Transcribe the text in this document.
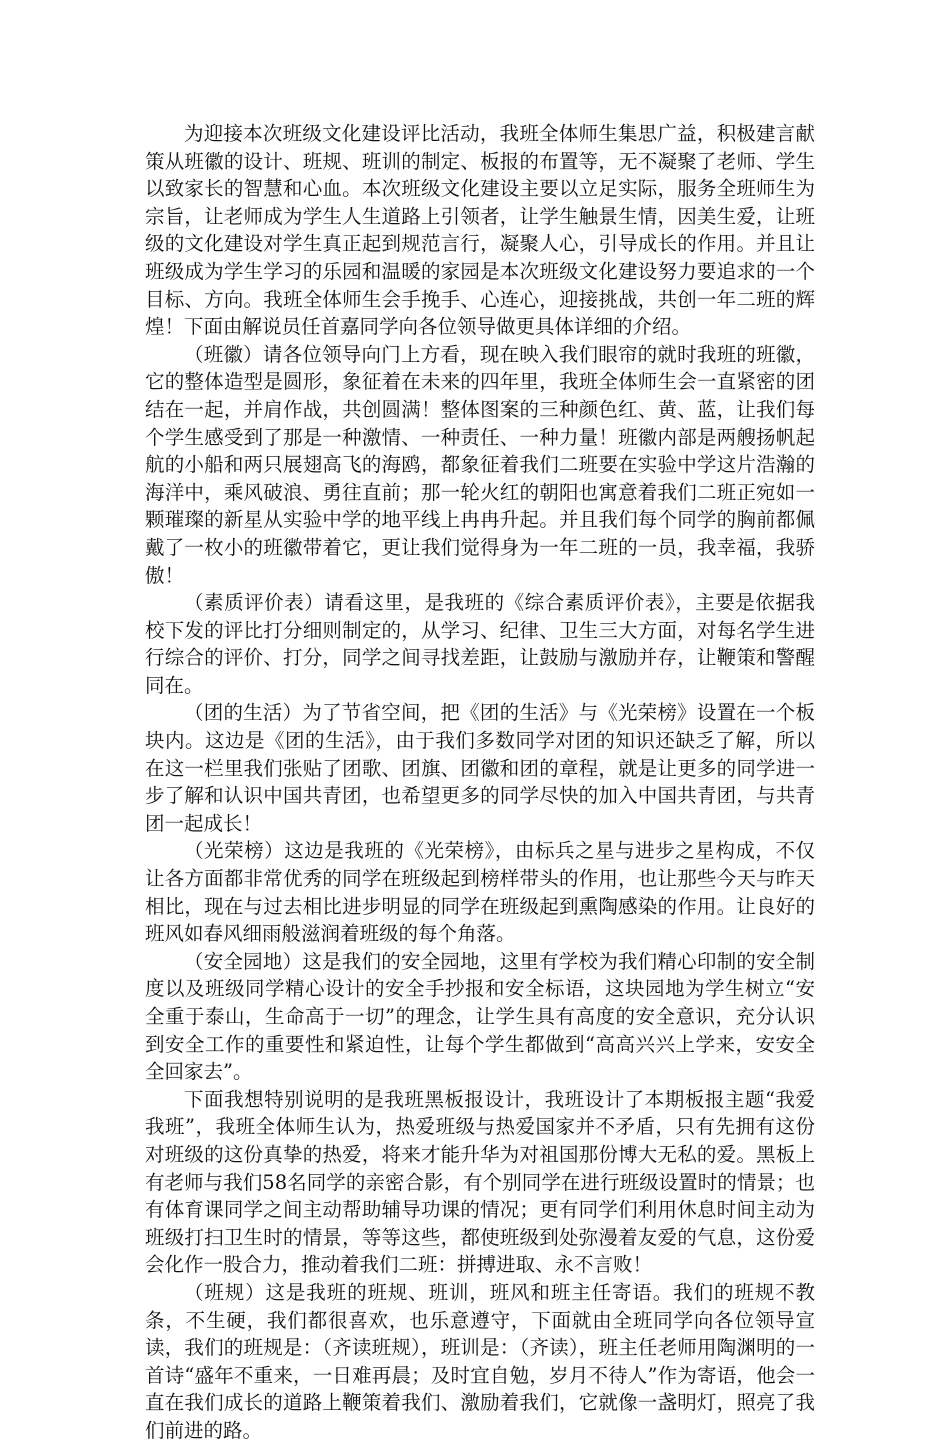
为迎接本次班级文化建设评比活动，我班全体师生集思广益，积极建言献策从班徽的设计、班规、班训的制定、板报的布置等，无不凝聚了老师、学生以致家长的智慧和心血。本次班级文化建设主要以立足实际，服务全班师生为宗旨，让老师成为学生人生道路上引领者，让学生触景生情，因美生爱，让班级的文化建设对学生真正起到规范言行，凝聚人心，引导成长的作用。并且让班级成为学生学习的乐园和温暖的家园是本次班级文化建设努力要追求的一个目标、方向。我班全体师生会手挽手、心连心，迎接挑战，共创一年二班的辉煌！下面由解说员任首嘉同学向各位领导做更具体详细的介绍。

（班徽）请各位领导向门上方看，现在映入我们眼帘的就时我班的班徽，它的整体造型是圆形，象征着在未来的四年里，我班全体师生会一直紧密的团结在一起，并肩作战，共创圆满！整体图案的三种颜色红、黄、蓝，让我们每个学生感受到了那是一种激情、一种责任、一种力量！班徽内部是两艘扬帆起航的小船和两只展翅高飞的海鸥，都象征着我们二班要在实验中学这片浩瀚的海洋中，乘风破浪、勇往直前；那一轮火红的朝阳也寓意着我们二班正宛如一颗璀璨的新星从实验中学的地平线上冉冉升起。并且我们每个同学的胸前都佩戴了一枚小的班徽带着它，更让我们觉得身为一年二班的一员，我幸福，我骄傲！

（素质评价表）请看这里，是我班的《综合素质评价表》，主要是依据我校下发的评比打分细则制定的，从学习、纪律、卫生三大方面，对每名学生进行综合的评价、打分，同学之间寻找差距，让鼓励与激励并存，让鞭策和警醒同在。

（团的生活）为了节省空间，把《团的生活》与《光荣榜》设置在一个板块内。这边是《团的生活》，由于我们多数同学对团的知识还缺乏了解，所以在这一栏里我们张贴了团歌、团旗、团徽和团的章程，就是让更多的同学进一步了解和认识中国共青团，也希望更多的同学尽快的加入中国共青团，与共青团一起成长！

（光荣榜）这边是我班的《光荣榜》，由标兵之星与进步之星构成，不仅让各方面都非常优秀的同学在班级起到榜样带头的作用，也让那些今天与昨天相比，现在与过去相比进步明显的同学在班级起到熏陶感染的作用。让良好的班风如春风细雨般滋润着班级的每个角落。

（安全园地）这是我们的安全园地，这里有学校为我们精心印制的安全制度以及班级同学精心设计的安全手抄报和安全标语，这块园地为学生树立“安全重于泰山，生命高于一切”的理念，让学生具有高度的安全意识，充分认识到安全工作的重要性和紧迫性，让每个学生都做到“高高兴兴上学来，安安全全回家去”。

下面我想特别说明的是我班黑板报设计，我班设计了本期板报主题“我爱我班”，我班全体师生认为，热爱班级与热爱国家并不矛盾，只有先拥有这份对班级的这份真挚的热爱，将来才能升华为对祖国那份博大无私的爱。黑板上有老师与我们58名同学的亲密合影，有个别同学在进行班级设置时的情景；也有体育课同学之间主动帮助辅导功课的情况；更有同学们利用休息时间主动为班级打扫卫生时的情景，等等这些，都使班级到处弥漫着友爱的气息，这份爱会化作一股合力，推动着我们二班：拼搏进取、永不言败！

（班规）这是我班的班规、班训，班风和班主任寄语。我们的班规不教条，不生硬，我们都很喜欢，也乐意遵守，下面就由全班同学向各位领导宣读，我们的班规是：（齐读班规），班训是：（齐读），班主任老师用陶渊明的一首诗“盛年不重来，一日难再晨；及时宜自勉，岁月不待人”作为寄语，他会一直在我们成长的道路上鞭策着我们、激励着我们，它就像一盏明灯，照亮了我们前进的路。
